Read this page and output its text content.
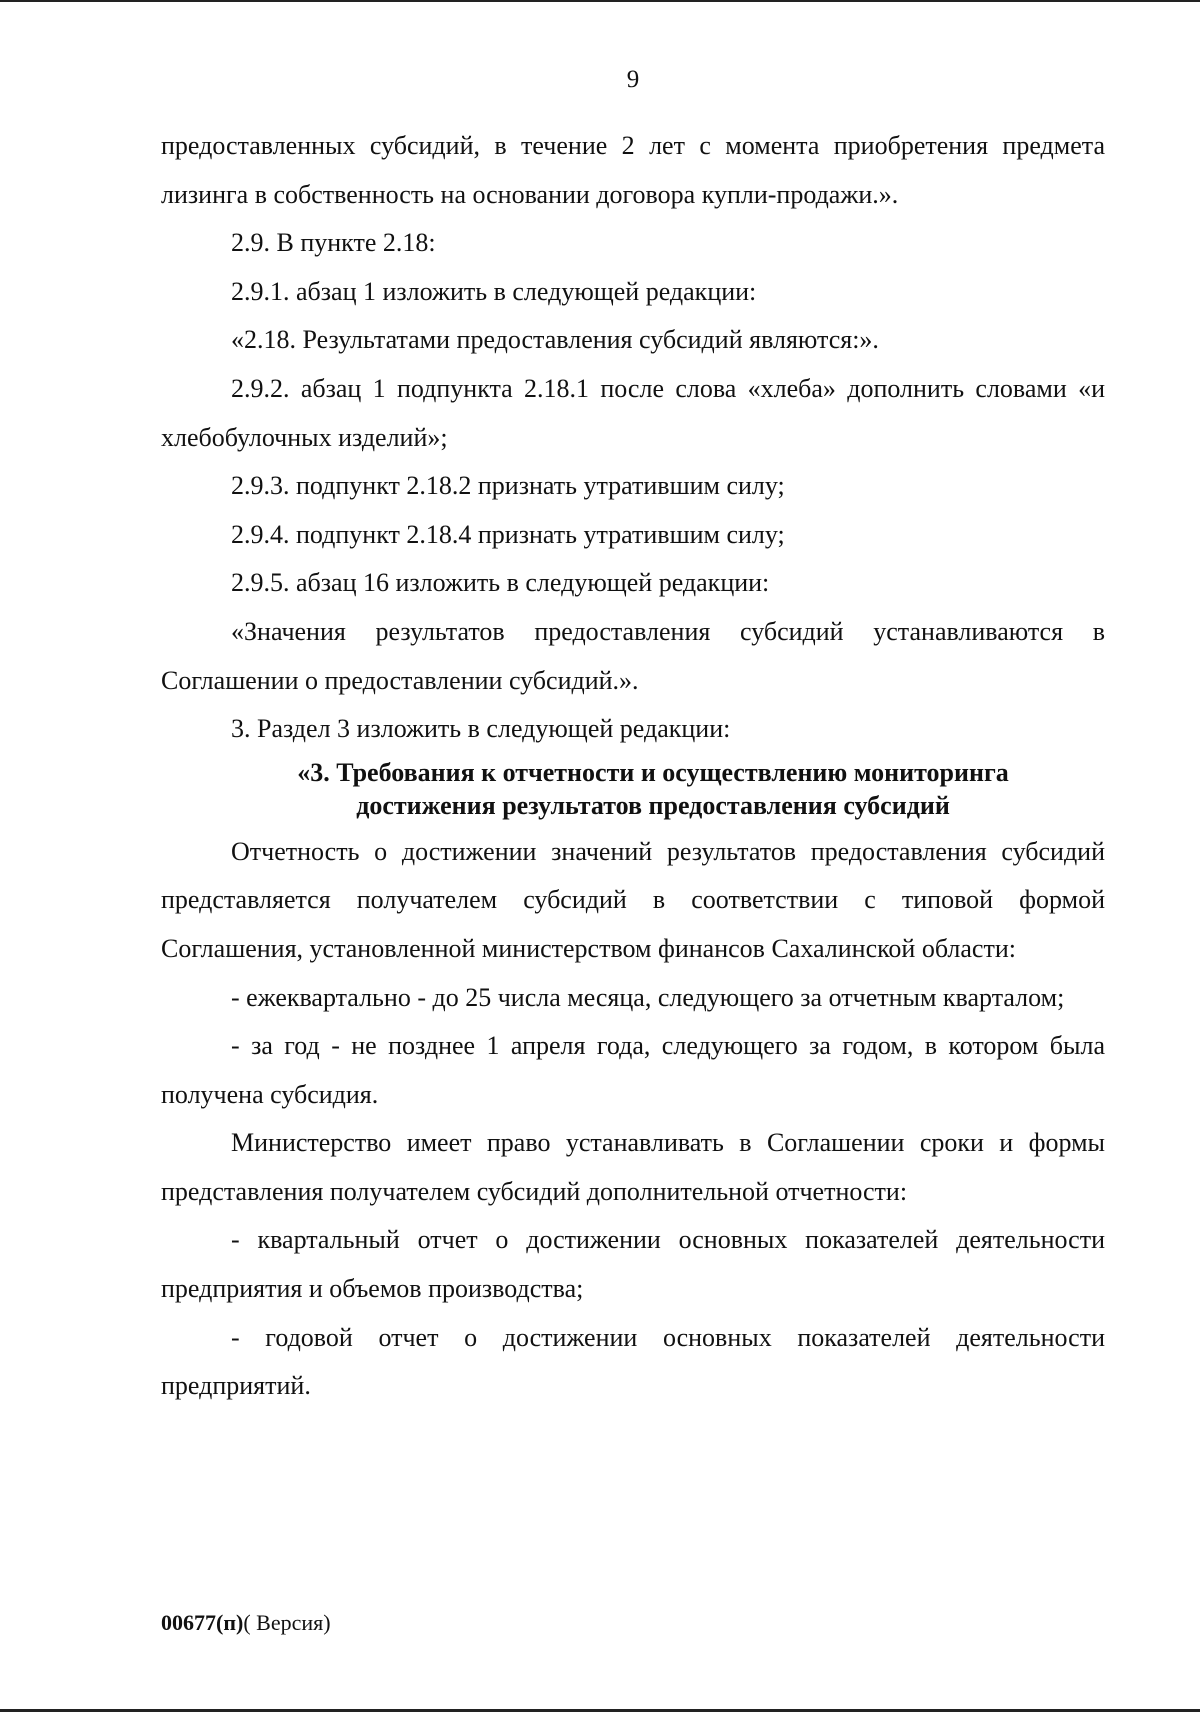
9

предоставленных субсидий, в течение 2 лет с момента приобретения предмета лизинга в собственность на основании договора купли-продажи.».

2.9. В пункте 2.18:

2.9.1. абзац 1 изложить в следующей редакции:

«2.18. Результатами предоставления субсидий являются:».

2.9.2. абзац 1 подпункта 2.18.1 после слова «хлеба» дополнить словами «и хлебобулочных изделий»;

2.9.3. подпункт 2.18.2 признать утратившим силу;

2.9.4. подпункт 2.18.4 признать утратившим силу;

2.9.5. абзац 16 изложить в следующей редакции:

«Значения результатов предоставления субсидий устанавливаются в Соглашении о предоставлении субсидий.».

3. Раздел 3 изложить в следующей редакции:

«3. Требования к отчетности и осуществлению мониторинга
достижения результатов предоставления субсидий

Отчетность о достижении значений результатов предоставления субсидий представляется получателем субсидий в соответствии с типовой формой Соглашения, установленной министерством финансов Сахалинской области:

- ежеквартально - до 25 числа месяца, следующего за отчетным кварталом;

- за год - не позднее 1 апреля года, следующего за годом, в котором была получена субсидия.

Министерство имеет право устанавливать в Соглашении сроки и формы представления получателем субсидий дополнительной отчетности:

- квартальный отчет о достижении основных показателей деятельности предприятия и объемов производства;

- годовой отчет о достижении основных показателей деятельности предприятий.

00677(п)( Версия)
